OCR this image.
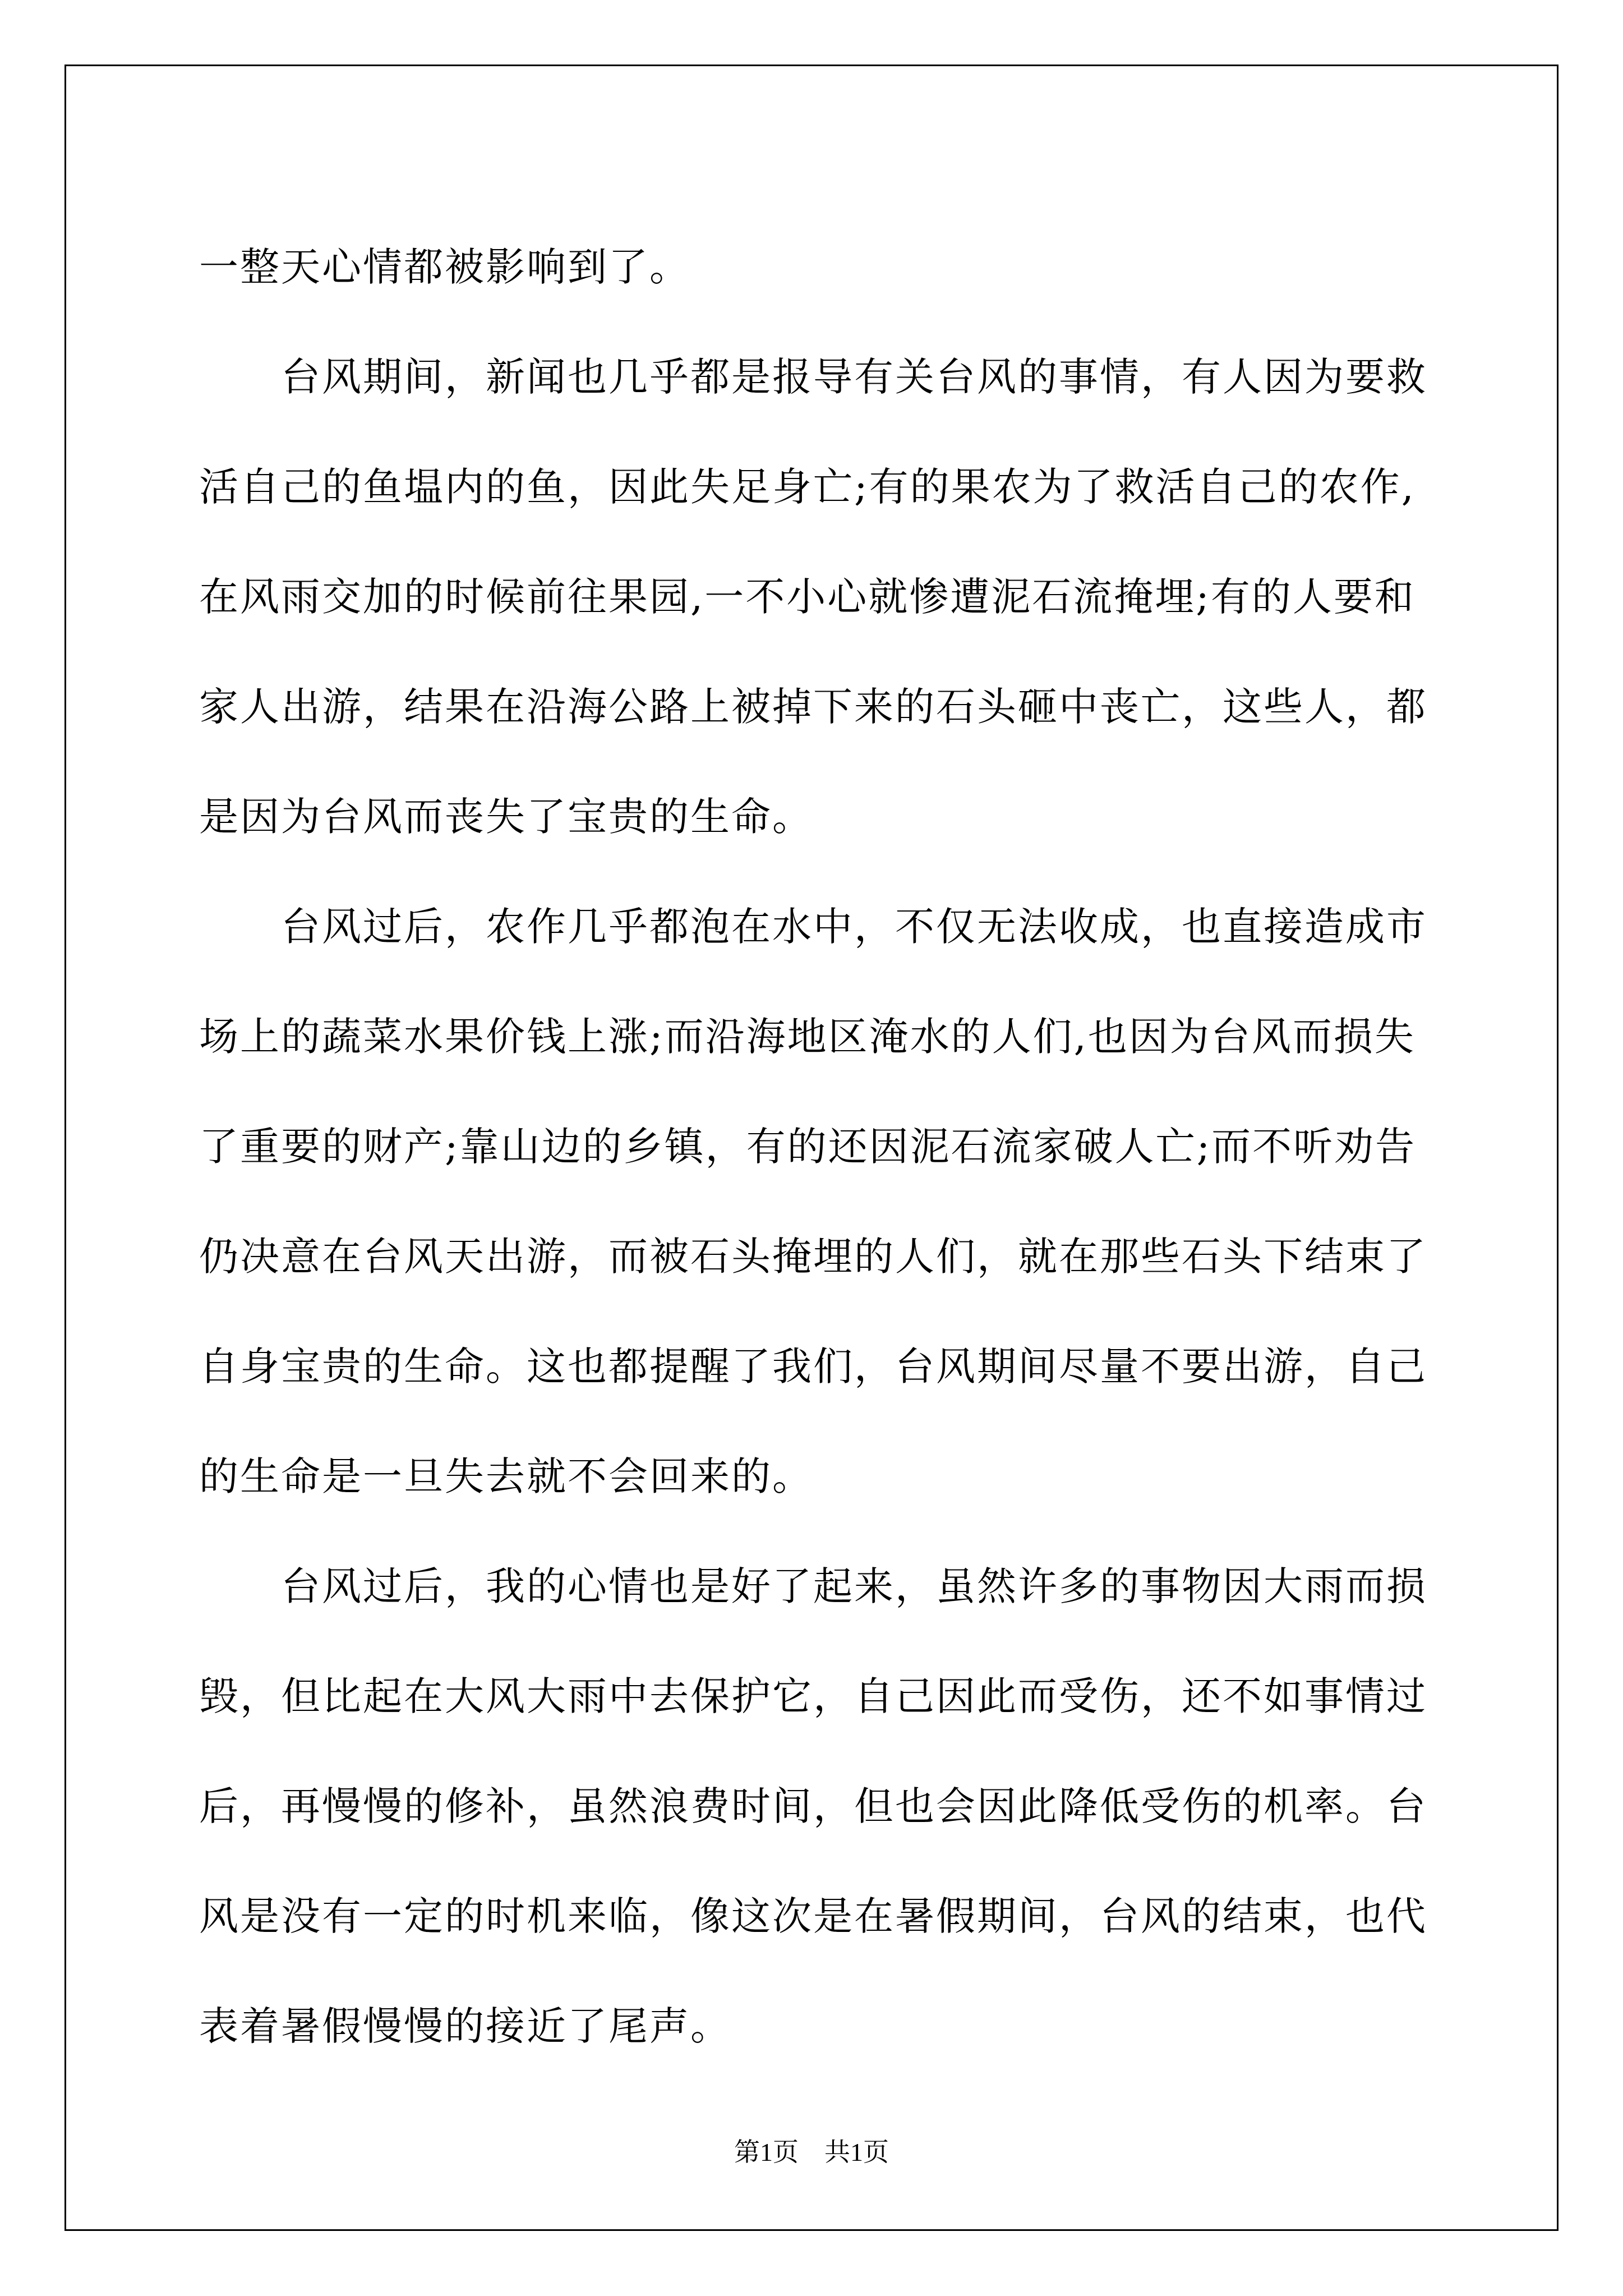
一整天心情都被影响到了。
　　台风期间，新闻也几乎都是报导有关台风的事情，有人因为要救
活自己的鱼塭内的鱼，因此失足身亡;有的果农为了救活自己的农作,
在风雨交加的时候前往果园,一不小心就惨遭泥石流掩埋;有的人要和
家人出游，结果在沿海公路上被掉下来的石头砸中丧亡，这些人，都
是因为台风而丧失了宝贵的生命。
　　台风过后，农作几乎都泡在水中，不仅无法收成，也直接造成市
场上的蔬菜水果价钱上涨;而沿海地区淹水的人们,也因为台风而损失
了重要的财产;靠山边的乡镇，有的还因泥石流家破人亡;而不听劝告
仍决意在台风天出游，而被石头掩埋的人们，就在那些石头下结束了
自身宝贵的生命。这也都提醒了我们，台风期间尽量不要出游，自己
的生命是一旦失去就不会回来的。
　　台风过后，我的心情也是好了起来，虽然许多的事物因大雨而损
毁，但比起在大风大雨中去保护它，自己因此而受伤，还不如事情过
后，再慢慢的修补，虽然浪费时间，但也会因此降低受伤的机率。台
风是没有一定的时机来临，像这次是在暑假期间，台风的结束，也代
表着暑假慢慢的接近了尾声。
第1页　共1页
